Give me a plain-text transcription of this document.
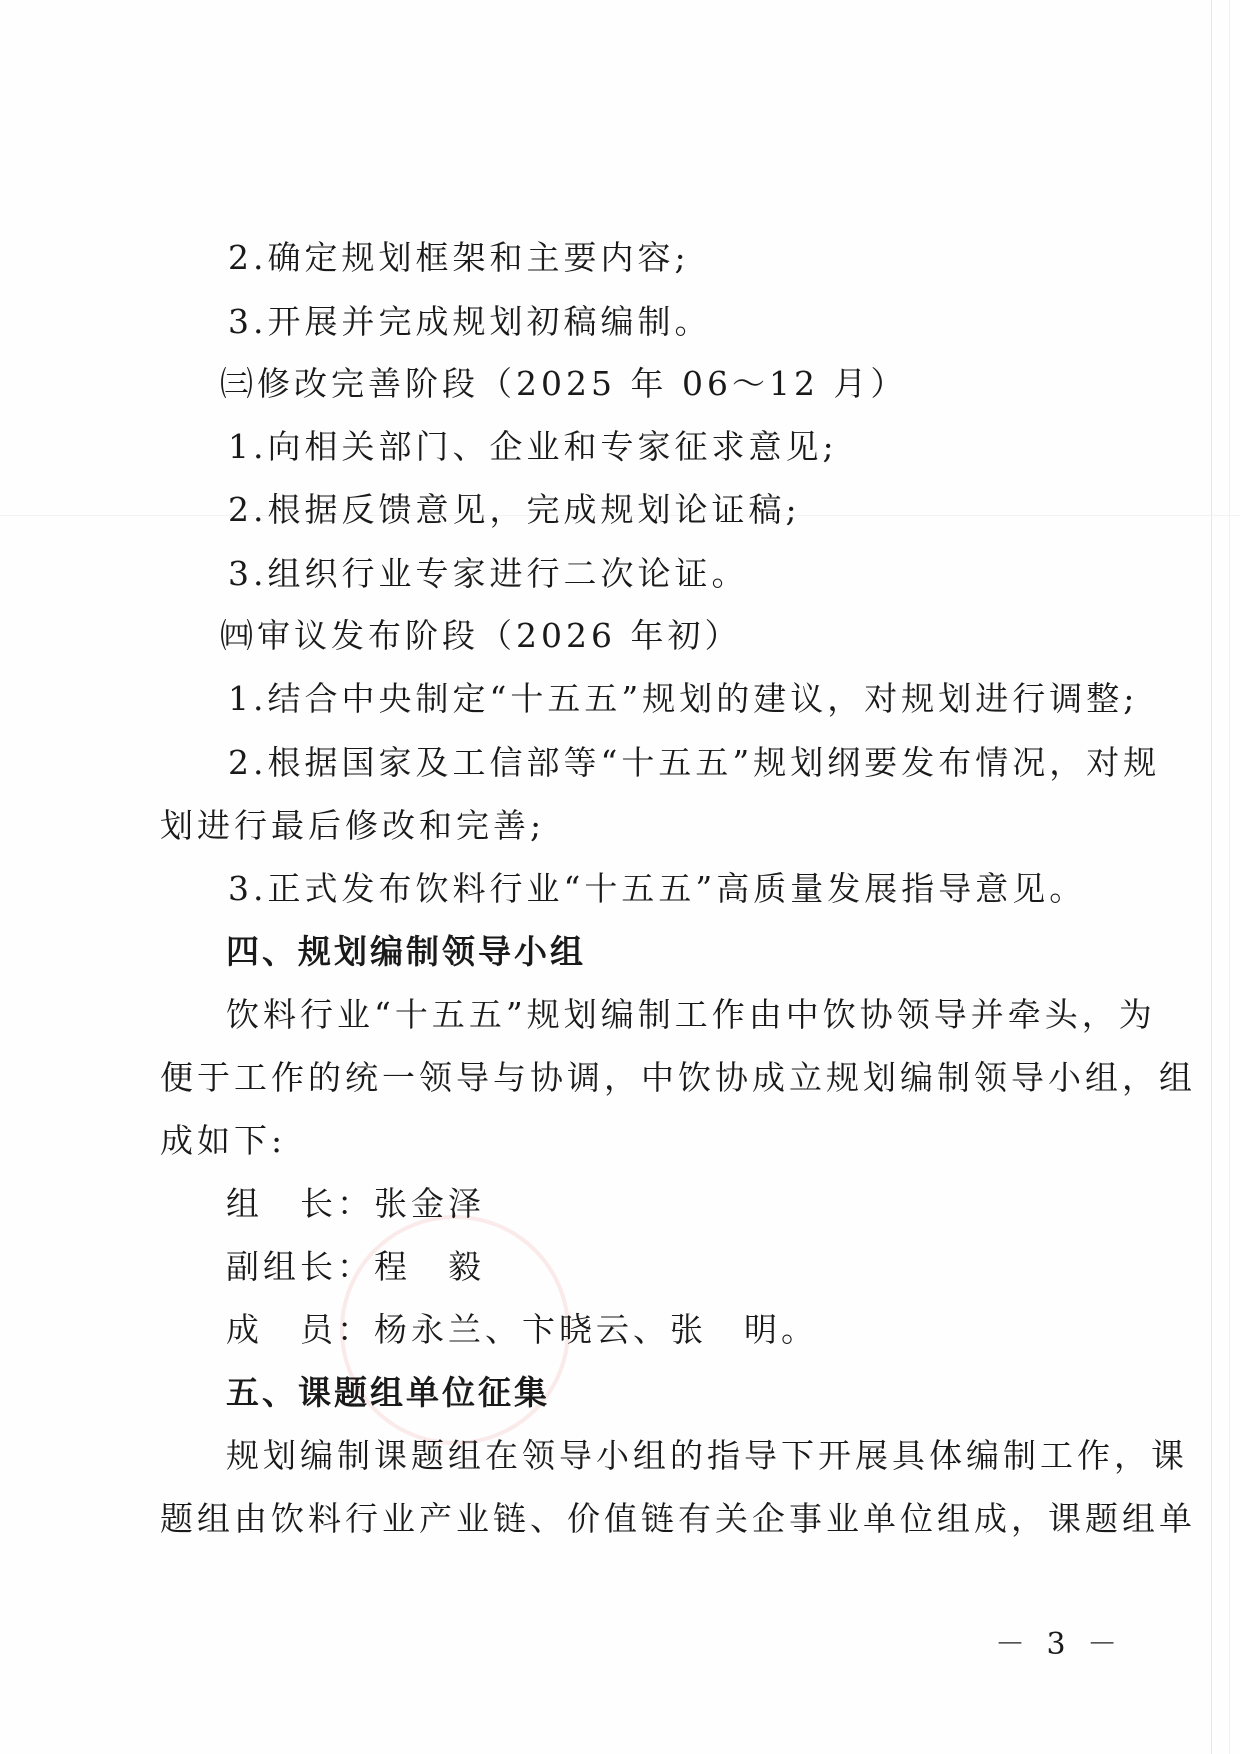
2.确定规划框架和主要内容;
3.开展并完成规划初稿编制。
㈢修改完善阶段（2025 年 06～12 月）
1.向相关部门、企业和专家征求意见;
2.根据反馈意见，完成规划论证稿;
3.组织行业专家进行二次论证。
㈣审议发布阶段（2026 年初）
1.结合中央制定“十五五”规划的建议，对规划进行调整;
2.根据国家及工信部等“十五五”规划纲要发布情况，对规
划进行最后修改和完善;
3.正式发布饮料行业“十五五”高质量发展指导意见。
四、规划编制领导小组
饮料行业“十五五”规划编制工作由中饮协领导并牵头，为
便于工作的统一领导与协调，中饮协成立规划编制领导小组，组
成如下:
组　长：张金泽
副组长：程　毅
成　员：杨永兰、卞晓云、张　明。
五、课题组单位征集
规划编制课题组在领导小组的指导下开展具体编制工作，课
题组由饮料行业产业链、价值链有关企事业单位组成，课题组单
－ 3 －
